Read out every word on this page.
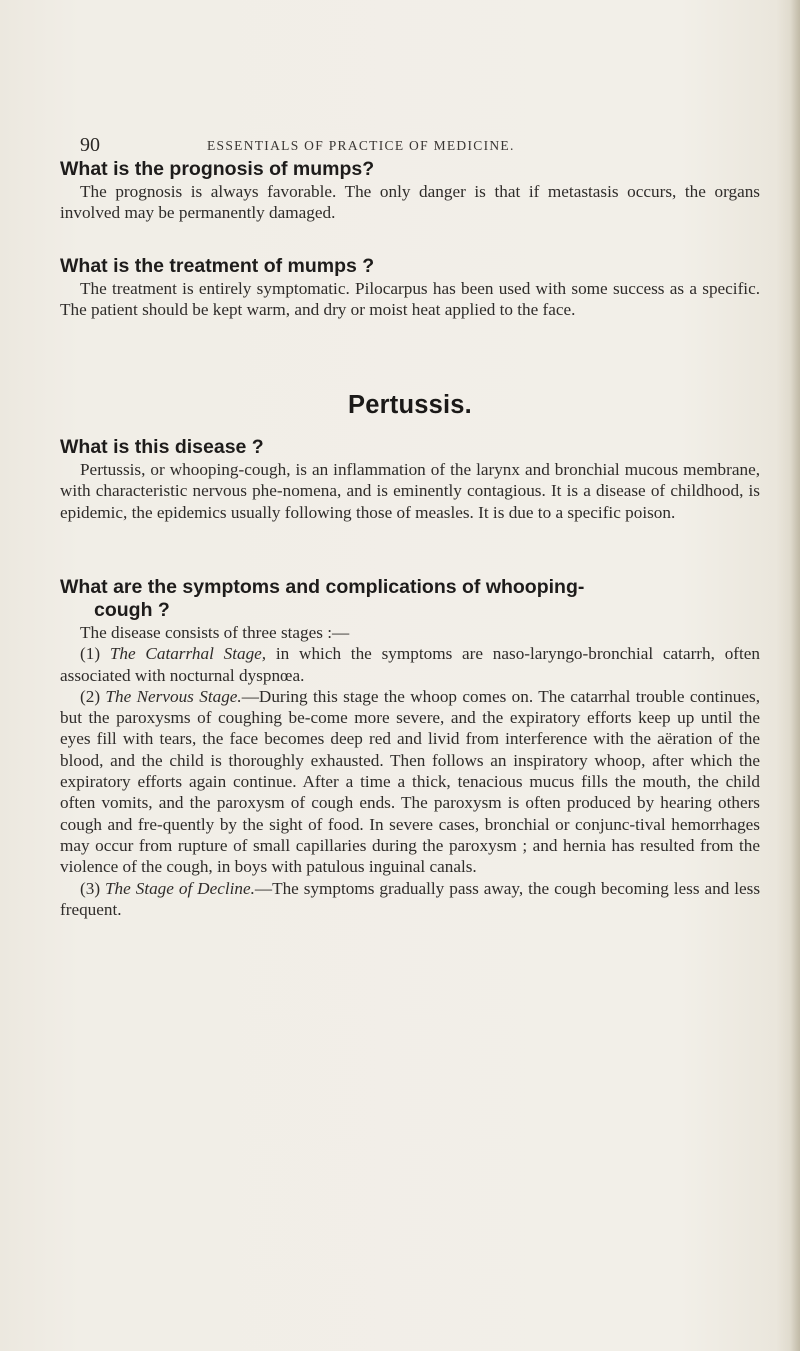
90	ESSENTIALS OF PRACTICE OF MEDICINE.
What is the prognosis of mumps?

The prognosis is always favorable. The only danger is that if metastasis occurs, the organs involved may be permanently damaged.

What is the treatment of mumps ?

The treatment is entirely symptomatic. Pilocarpus has been used with some success as a specific. The patient should be kept warm, and dry or moist heat applied to the face.

Pertussis.
What is this disease ?

Pertussis, or whooping-cough, is an inflammation of the larynx and bronchial mucous membrane, with characteristic nervous phe-nomena, and is eminently contagious. It is a disease of childhood, is epidemic, the epidemics usually following those of measles. It is due to a specific poison.

What are the symptoms and complications of whooping-
cough ?

The disease consists of three stages :—

(1) The Catarrhal Stage, in which the symptoms are naso-laryngo-bronchial catarrh, often associated with nocturnal dyspnœa.

(2) The Nervous Stage.—During this stage the whoop comes on. The catarrhal trouble continues, but the paroxysms of coughing be-come more severe, and the expiratory efforts keep up until the eyes fill with tears, the face becomes deep red and livid from interference with the aëration of the blood, and the child is thoroughly exhausted. Then follows an inspiratory whoop, after which the expiratory efforts again continue. After a time a thick, tenacious mucus fills the mouth, the child often vomits, and the paroxysm of cough ends. The paroxysm is often produced by hearing others cough and fre-quently by the sight of food. In severe cases, bronchial or conjunc-tival hemorrhages may occur from rupture of small capillaries during the paroxysm ; and hernia has resulted from the violence of the cough, in boys with patulous inguinal canals.

(3) The Stage of Decline.—The symptoms gradually pass away, the cough becoming less and less frequent.
